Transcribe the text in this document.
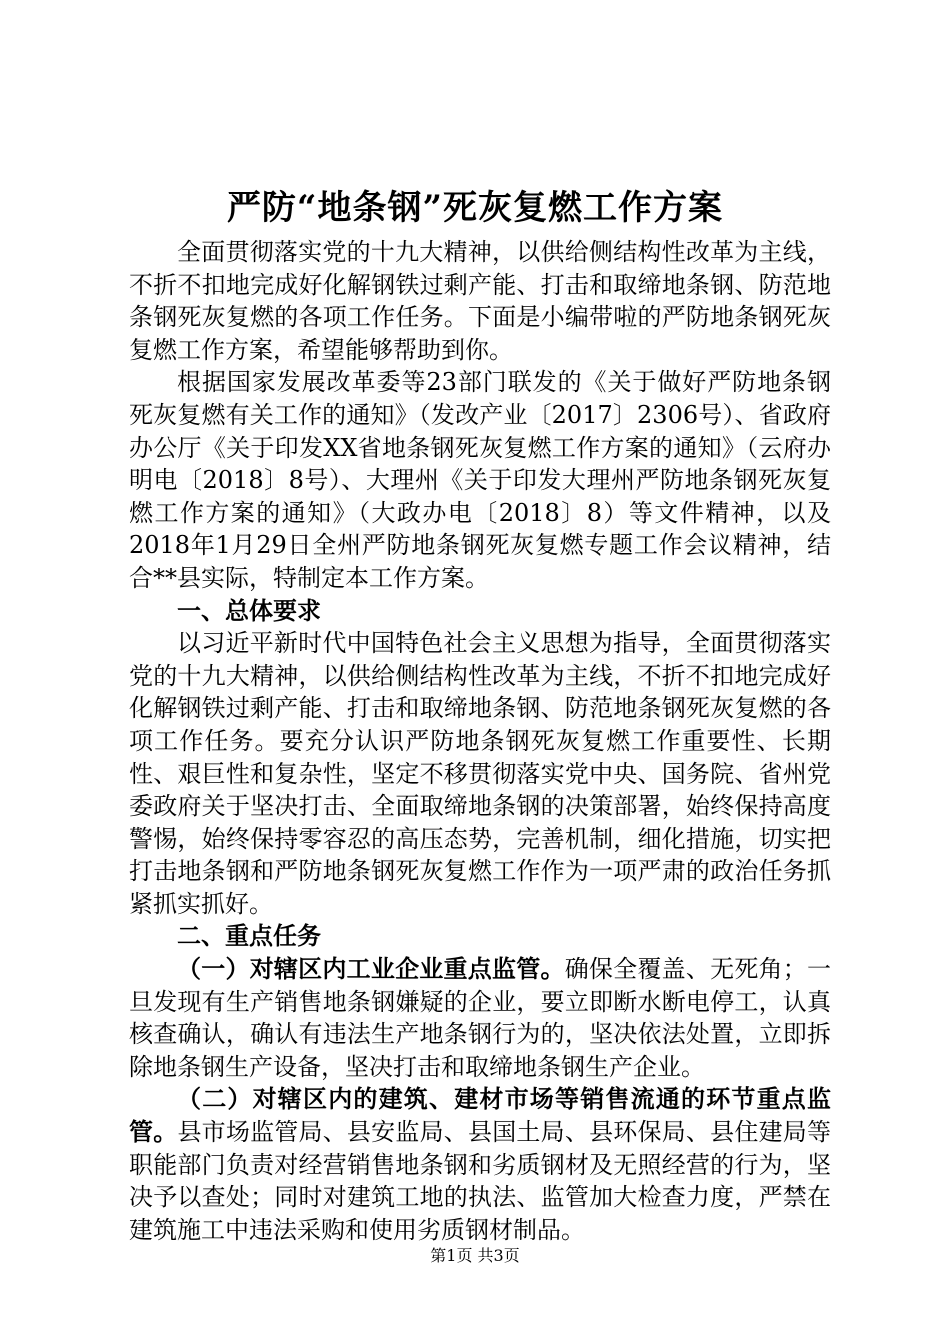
严防“地条钢”死灰复燃工作方案

全面贯彻落实党的十九大精神，以供给侧结构性改革为主线，不折不扣地完成好化解钢铁过剩产能、打击和取缔地条钢、防范地条钢死灰复燃的各项工作任务。下面是小编带啦的严防地条钢死灰复燃工作方案，希望能够帮助到你。

根据国家发展改革委等23部门联发的《关于做好严防地条钢死灰复燃有关工作的通知》（发改产业〔2017〕2306号）、省政府办公厅《关于印发XX省地条钢死灰复燃工作方案的通知》（云府办明电〔2018〕8号）、大理州《关于印发大理州严防地条钢死灰复燃工作方案的通知》（大政办电〔2018〕8）等文件精神，以及2018年1月29日全州严防地条钢死灰复燃专题工作会议精神，结合**县实际，特制定本工作方案。

一、总体要求

以习近平新时代中国特色社会主义思想为指导，全面贯彻落实党的十九大精神，以供给侧结构性改革为主线，不折不扣地完成好化解钢铁过剩产能、打击和取缔地条钢、防范地条钢死灰复燃的各项工作任务。要充分认识严防地条钢死灰复燃工作重要性、长期性、艰巨性和复杂性，坚定不移贯彻落实党中央、国务院、省州党委政府关于坚决打击、全面取缔地条钢的决策部署，始终保持高度警惕，始终保持零容忍的高压态势，完善机制，细化措施，切实把打击地条钢和严防地条钢死灰复燃工作作为一项严肃的政治任务抓紧抓实抓好。

二、重点任务

（一）对辖区内工业企业重点监管。确保全覆盖、无死角；一旦发现有生产销售地条钢嫌疑的企业，要立即断水断电停工，认真核查确认，确认有违法生产地条钢行为的，坚决依法处置，立即拆除地条钢生产设备，坚决打击和取缔地条钢生产企业。

（二）对辖区内的建筑、建材市场等销售流通的环节重点监管。县市场监管局、县安监局、县国土局、县环保局、县住建局等职能部门负责对经营销售地条钢和劣质钢材及无照经营的行为，坚决予以查处；同时对建筑工地的执法、监管加大检查力度，严禁在建筑施工中违法采购和使用劣质钢材制品。

第1页 共3页
